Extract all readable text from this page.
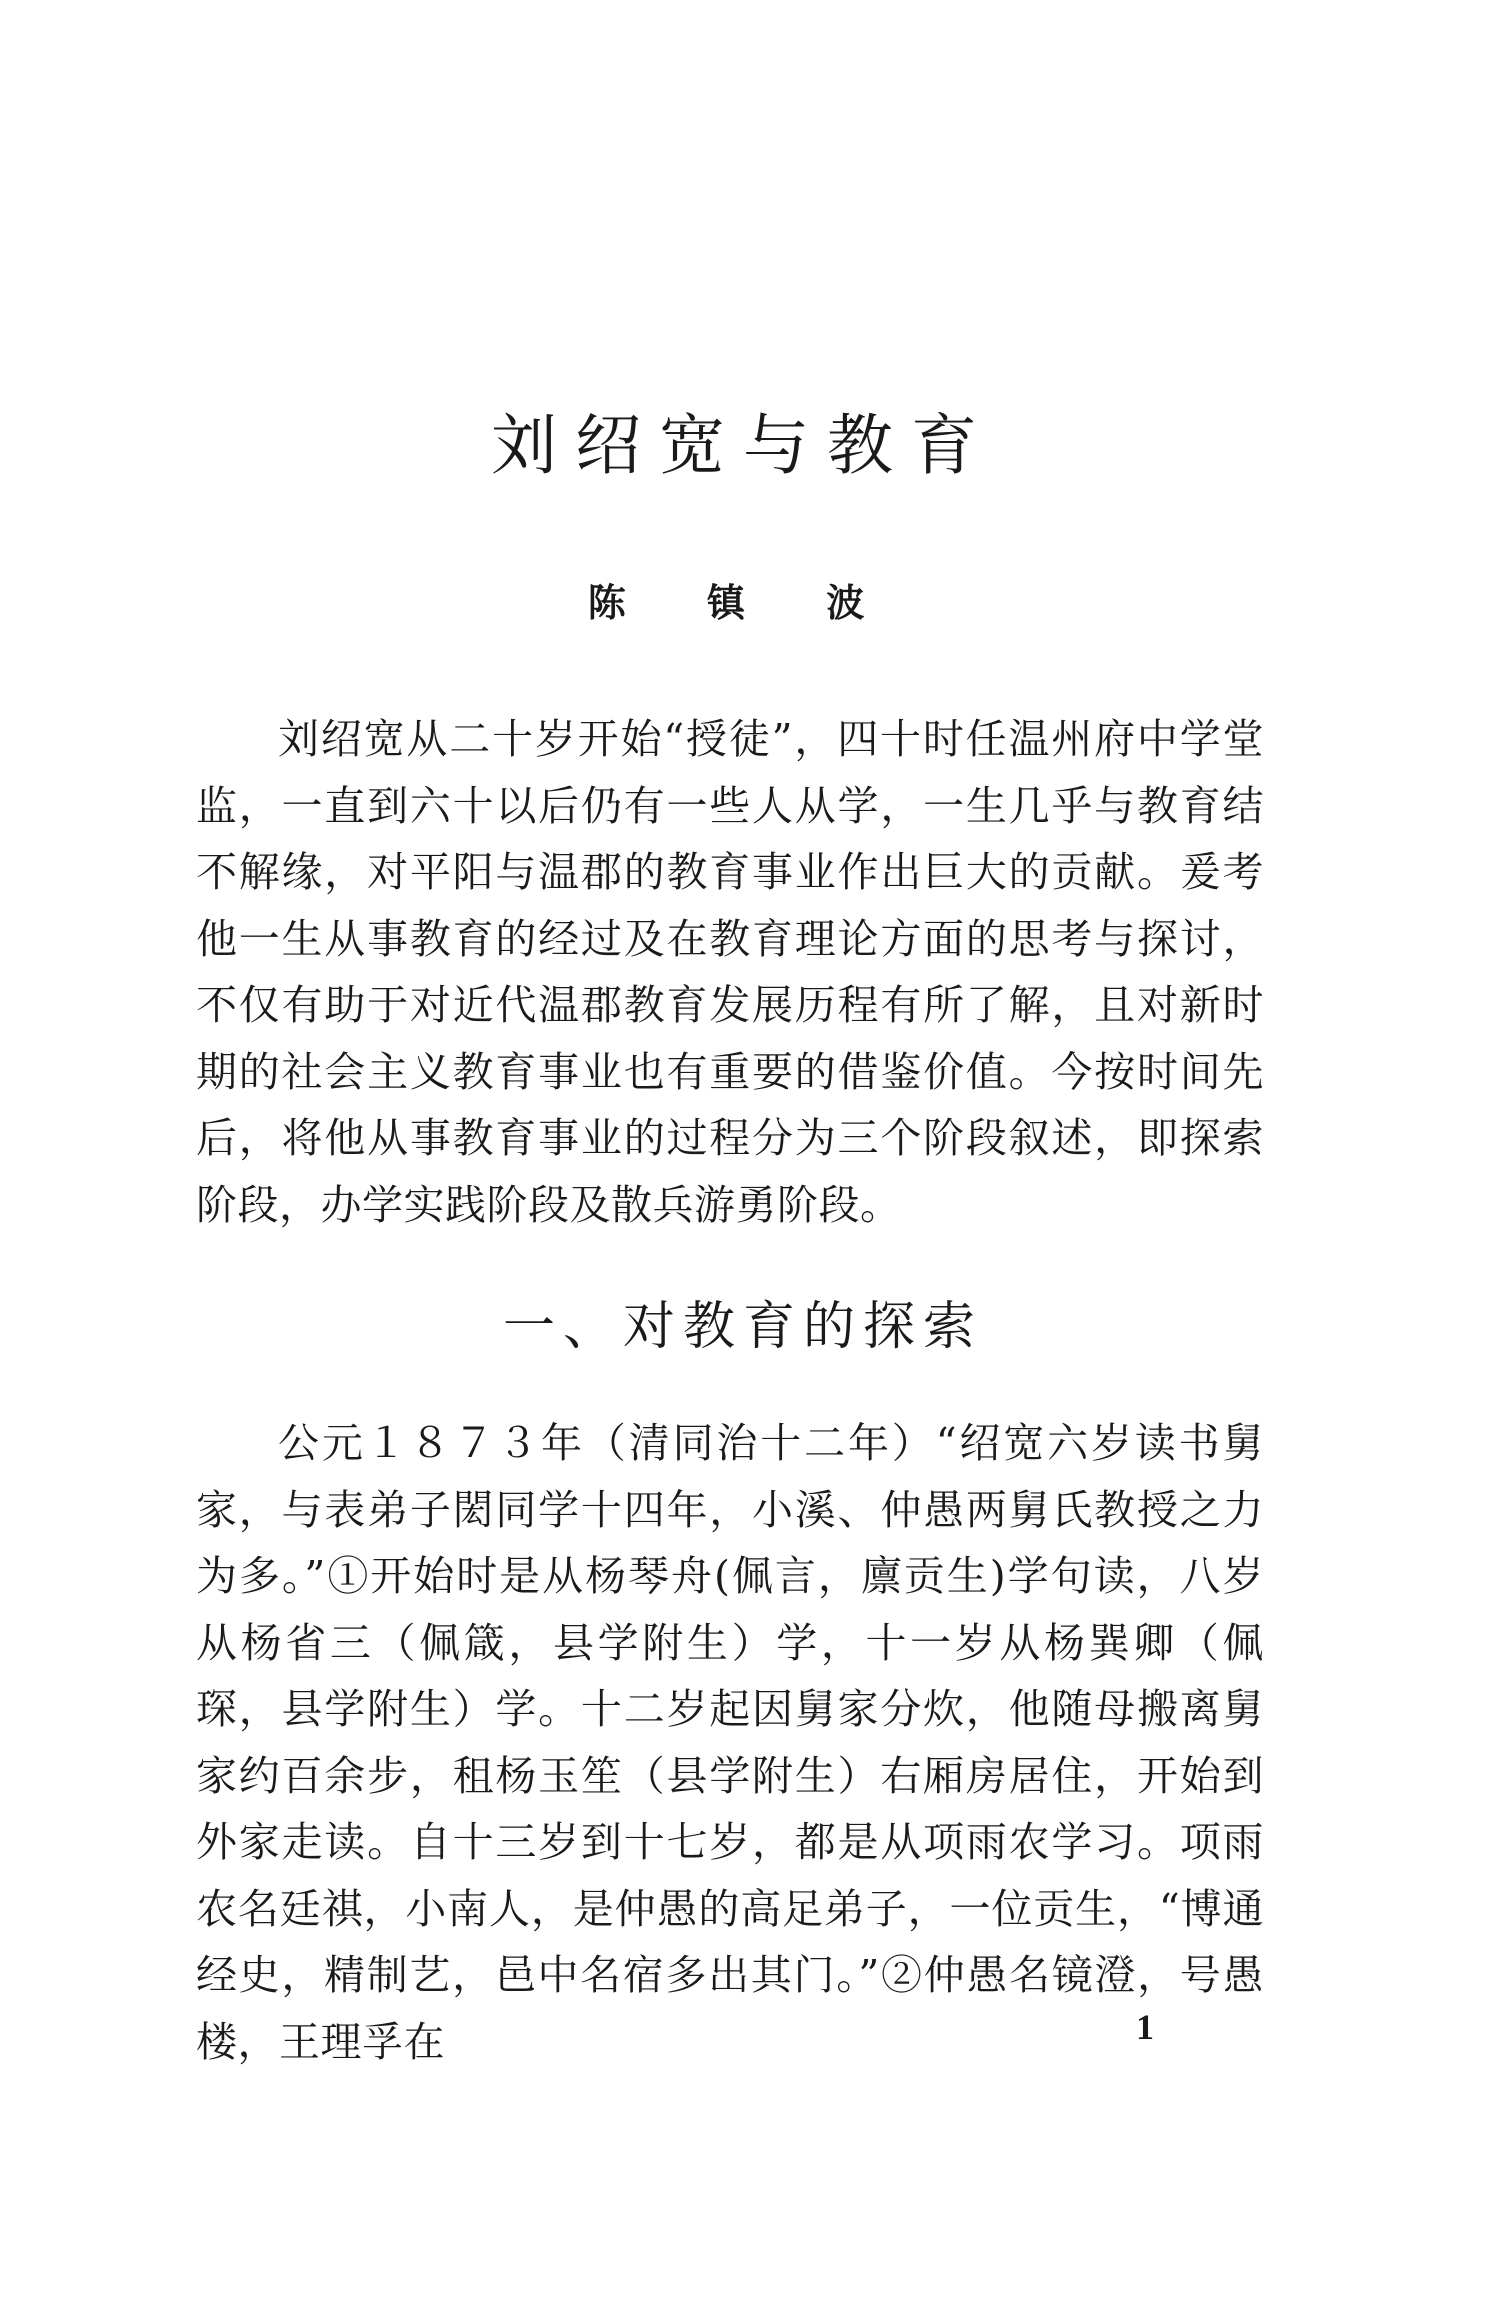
刘绍宽与教育
陈 镇 波

刘绍宽从二十岁开始“授徒”，四十时任温州府中学堂监，一直到六十以后仍有一些人从学，一生几乎与教育结不解缘，对平阳与温郡的教育事业作出巨大的贡献。爰考他一生从事教育的经过及在教育理论方面的思考与探讨，不仅有助于对近代温郡教育发展历程有所了解，且对新时期的社会主义教育事业也有重要的借鉴价值。今按时间先后，将他从事教育事业的过程分为三个阶段叙述，即探索阶段，办学实践阶段及散兵游勇阶段。

一、对教育的探索

公元１８７３年（清同治十二年）“绍宽六岁读书舅家，与表弟子閎同学十四年，小溪、仲愚两舅氏教授之力为多。”①开始时是从杨琴舟(佩言，廪贡生)学句读，八岁从杨省三（佩箴，县学附生）学，十一岁从杨巽卿（佩琛，县学附生）学。十二岁起因舅家分炊，他随母搬离舅家约百余步，租杨玉笙（县学附生）右厢房居住，开始到外家走读。自十三岁到十七岁，都是从项雨农学习。项雨农名廷祺，小南人，是仲愚的高足弟子，一位贡生，“博通经史，精制艺，邑中名宿多出其门。”②仲愚名镜澄，号愚楼，王理孚在	1
